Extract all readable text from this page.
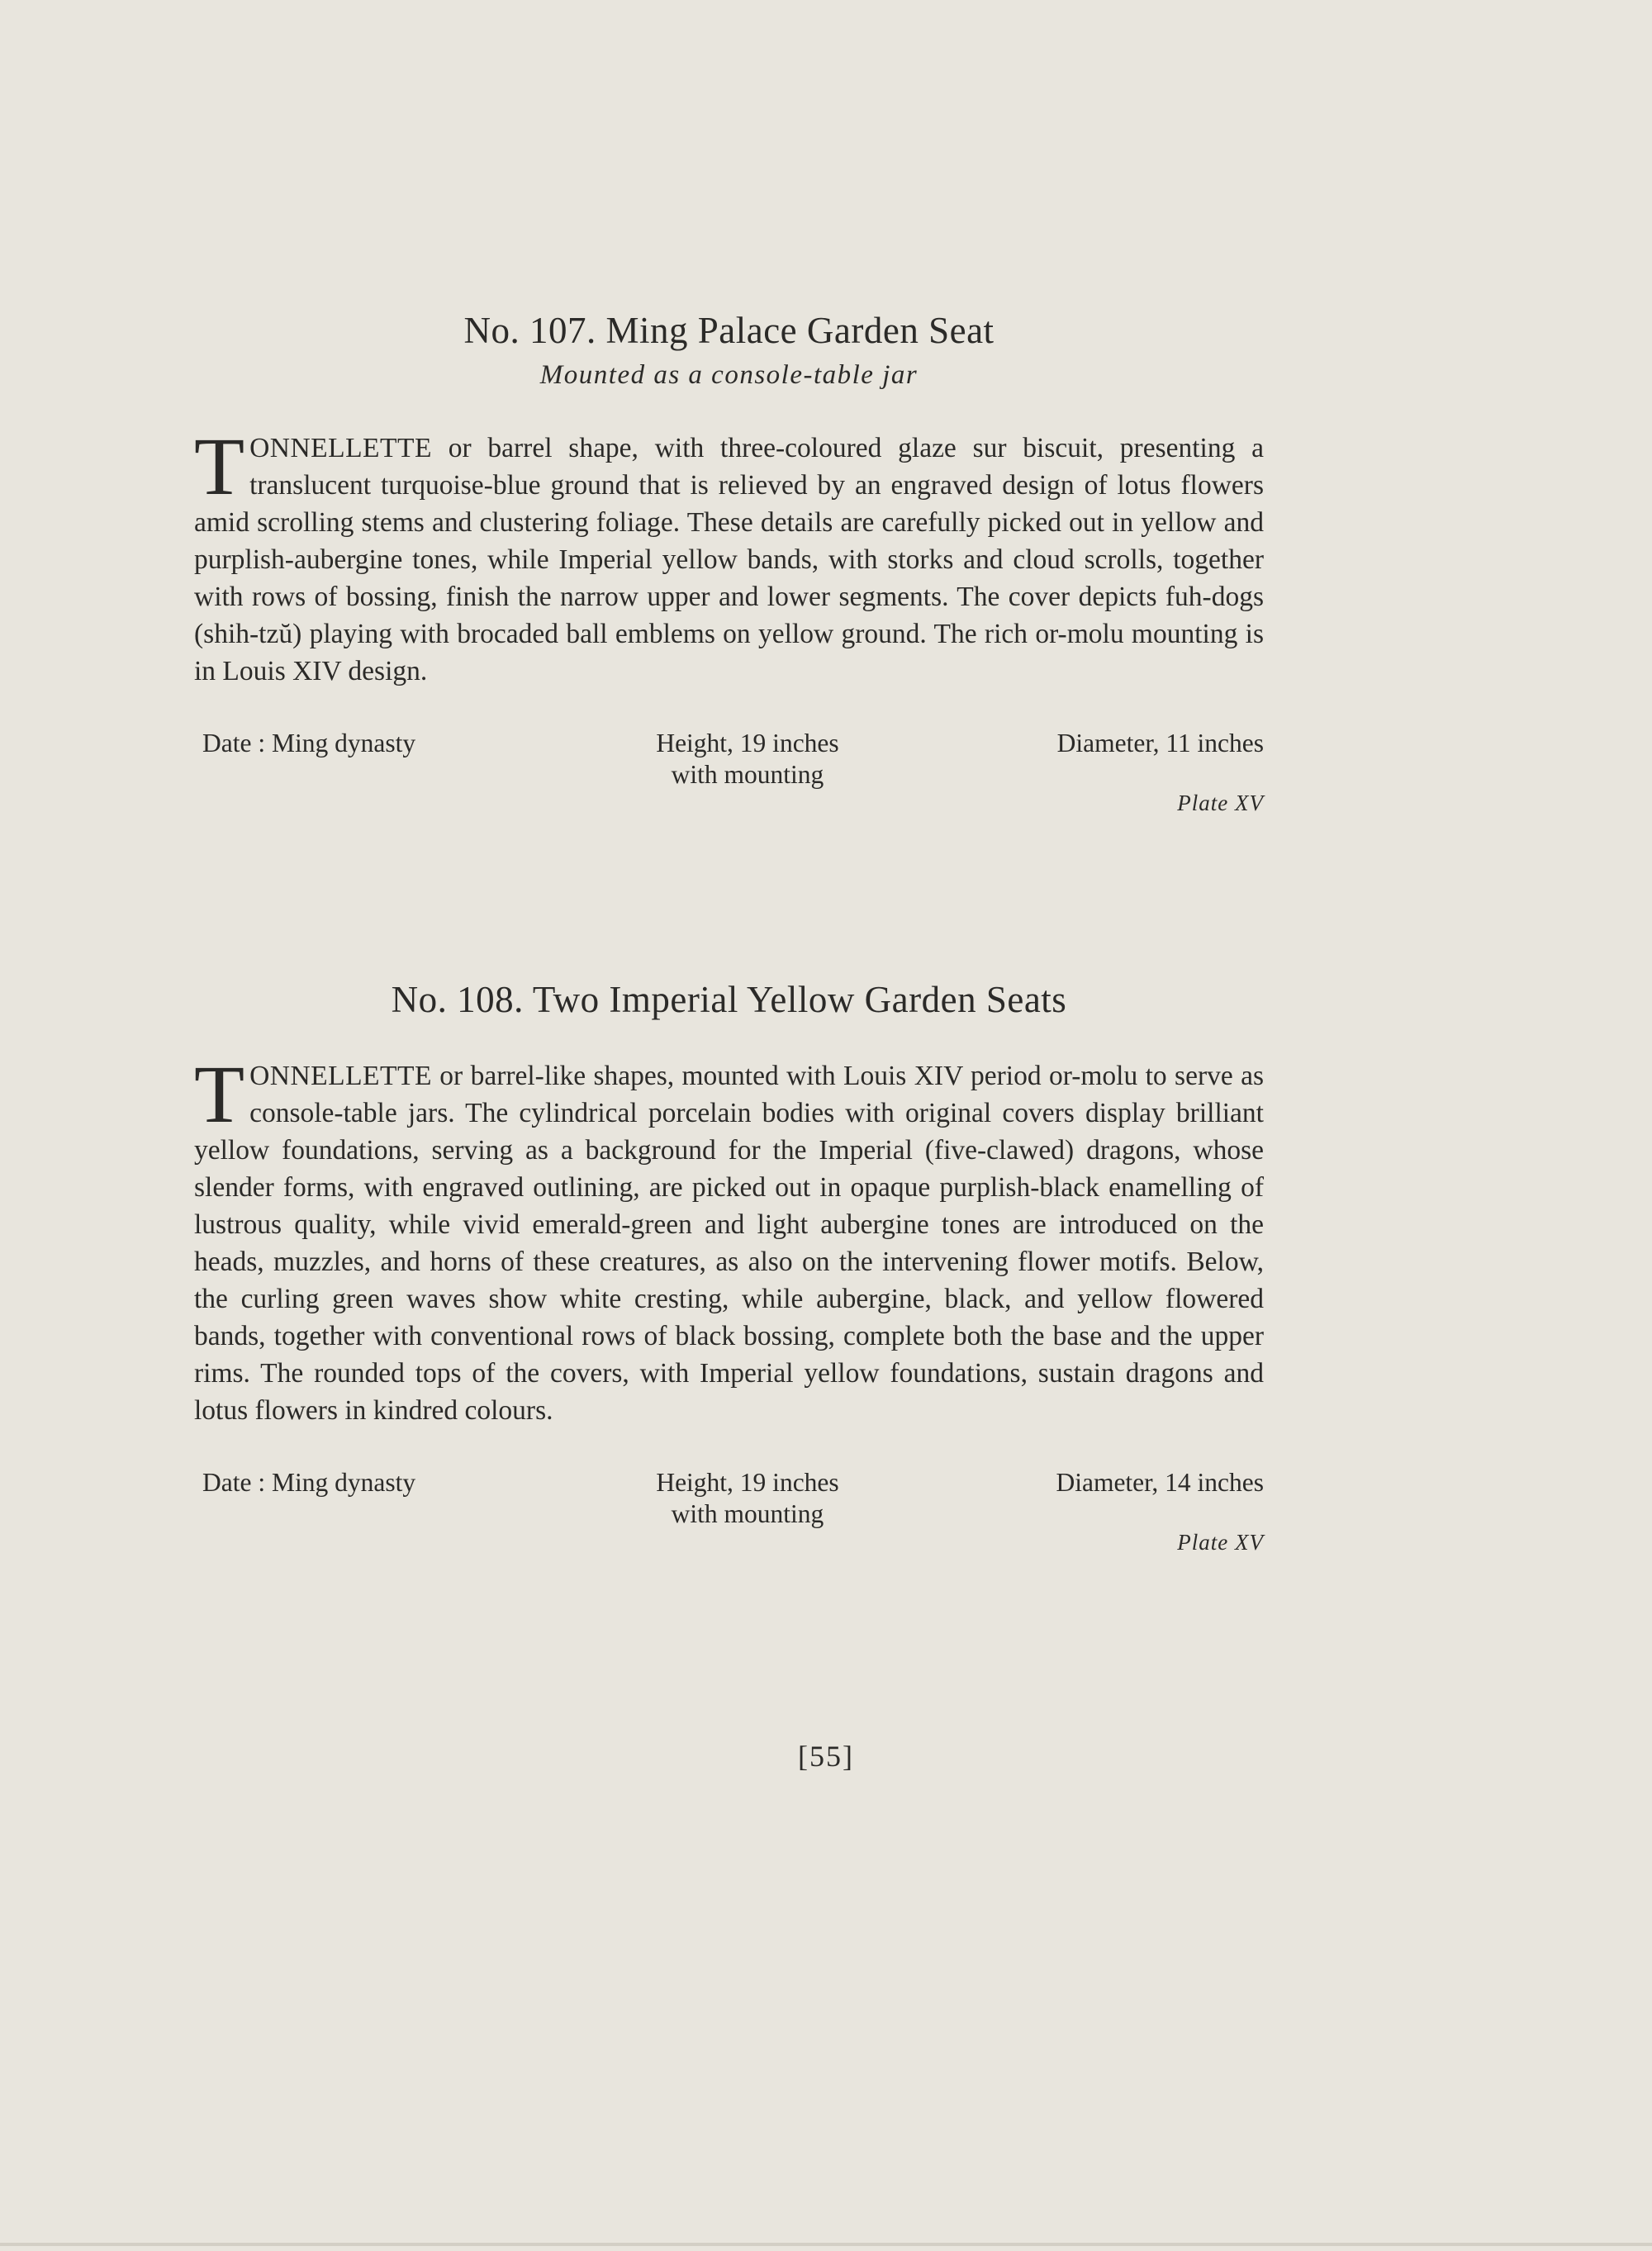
No. 107. Ming Palace Garden Seat
Mounted as a console-table jar

TONNELLETTE or barrel shape, with three-coloured glaze sur biscuit, presenting a translucent turquoise-blue ground that is relieved by an engraved design of lotus flowers amid scrolling stems and clustering foliage. These details are carefully picked out in yellow and purplish-aubergine tones, while Imperial yellow bands, with storks and cloud scrolls, together with rows of bossing, finish the narrow upper and lower segments. The cover depicts fuh-dogs (shih-tzŭ) playing with brocaded ball emblems on yellow ground. The rich or-molu mounting is in Louis XIV design.

Date : Ming dynasty	Height, 19 inches
with mounting
Diameter, 11 inches
Plate XV
No. 108. Two Imperial Yellow Garden Seats

TONNELLETTE or barrel-like shapes, mounted with Louis XIV period or-molu to serve as console-table jars. The cylindrical porcelain bodies with original covers display brilliant yellow foundations, serving as a background for the Imperial (five-clawed) dragons, whose slender forms, with engraved outlining, are picked out in opaque purplish-black enamelling of lustrous quality, while vivid emerald-green and light aubergine tones are introduced on the heads, muzzles, and horns of these creatures, as also on the intervening flower motifs. Below, the curling green waves show white cresting, while aubergine, black, and yellow flowered bands, together with conventional rows of black bossing, complete both the base and the upper rims. The rounded tops of the covers, with Imperial yellow foundations, sustain dragons and lotus flowers in kindred colours.

Date : Ming dynasty	Height, 19 inches
with mounting
Diameter, 14 inches
Plate XV
[55]
